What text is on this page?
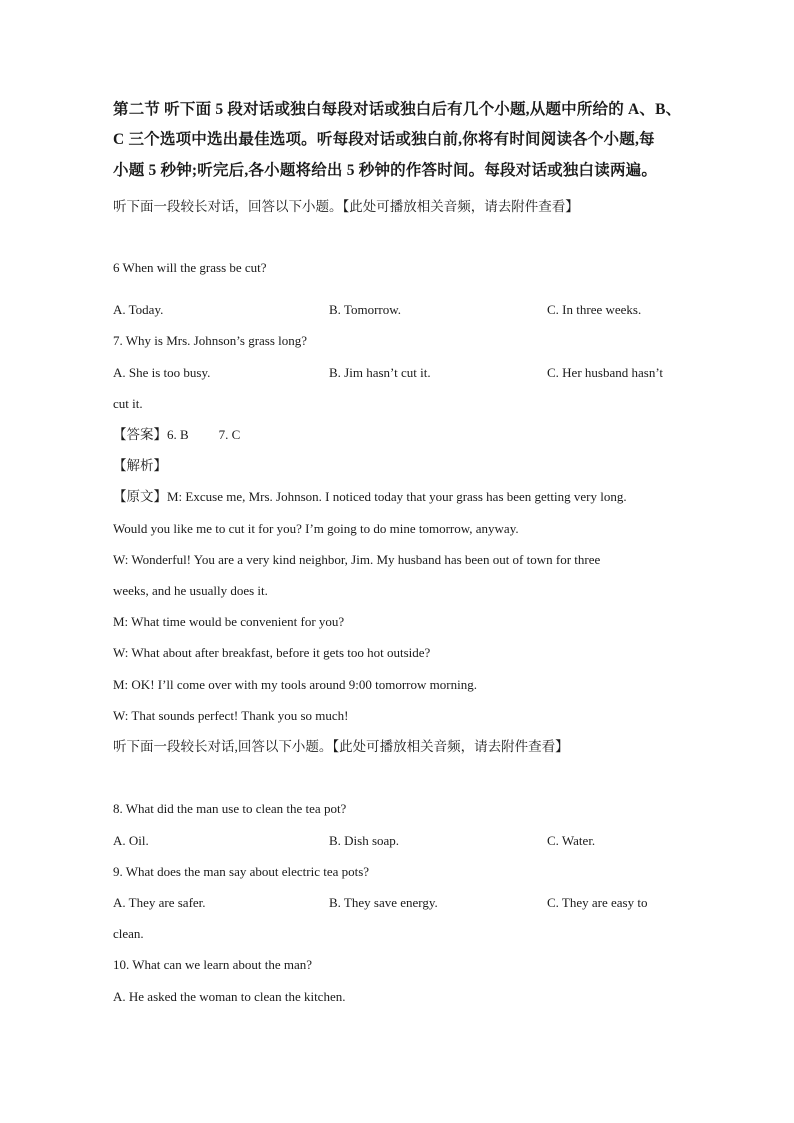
第二节 听下面 5 段对话或独白每段对话或独白后有几个小题,从题中所给的 A、B、
C 三个选项中选出最佳选项。听每段对话或独白前,你将有时间阅读各个小题,每
小题 5 秒钟;听完后,各小题将给出 5 秒钟的作答时间。每段对话或独白读两遍。
听下面一段较长对话，回答以下小题。【此处可播放相关音频，请去附件查看】
6 When will the grass be cut?
A. Today.	B. Tomorrow.	C. In three weeks.
7. Why is Mrs. Johnson’s grass long?
A. She is too busy.	B. Jim hasn’t cut it.	C. Her husband hasn’t
cut it.
【答案】6. B 7. C
【解析】
【原文】M: Excuse me, Mrs. Johnson. I noticed today that your grass has been getting very long.
Would you like me to cut it for you? I’m going to do mine tomorrow, anyway.
W: Wonderful! You are a very kind neighbor, Jim. My husband has been out of town for three
weeks, and he usually does it.
M: What time would be convenient for you?
W: What about after breakfast, before it gets too hot outside?
M: OK! I’ll come over with my tools around 9:00 tomorrow morning.
W: That sounds perfect! Thank you so much!
听下面一段较长对话,回答以下小题。【此处可播放相关音频，请去附件查看】
8. What did the man use to clean the tea pot?
A. Oil.	B. Dish soap.	C. Water.
9. What does the man say about electric tea pots?
A. They are safer.	B. They save energy.	C. They are easy to
clean.
10. What can we learn about the man?
A. He asked the woman to clean the kitchen.
